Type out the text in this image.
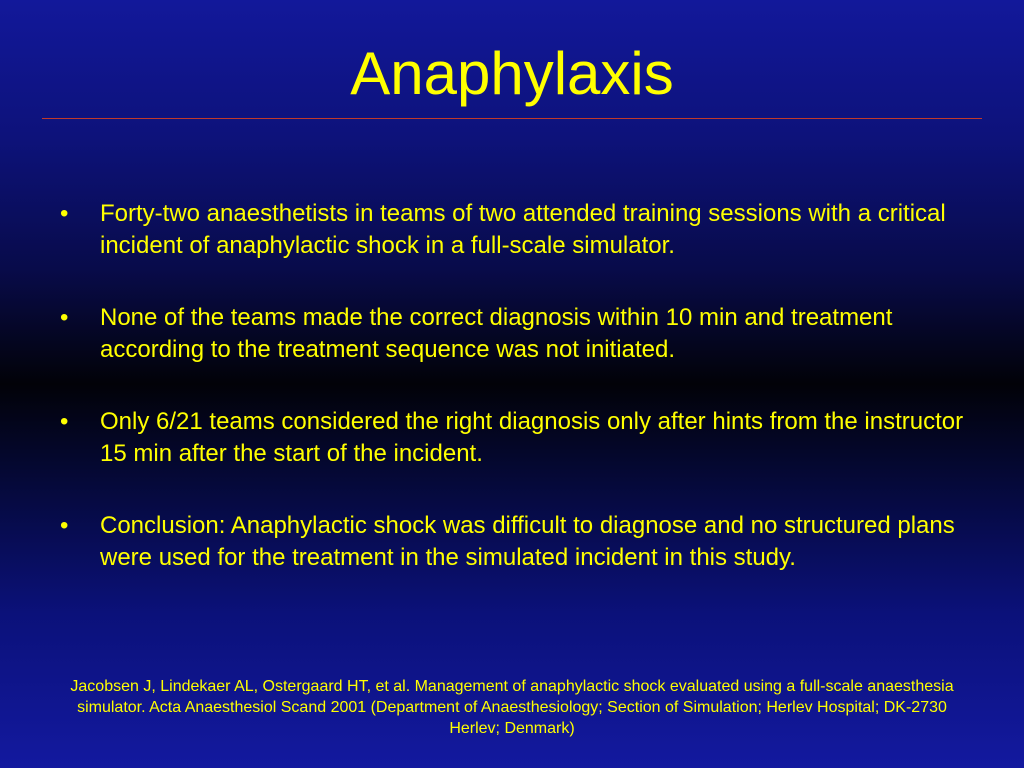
Anaphylaxis
• Forty-two anaesthetists in teams of two attended training sessions with a critical incident of anaphylactic shock in a full-scale simulator.
• None of the teams made the correct diagnosis within 10 min and treatment according to the treatment sequence was not initiated.
• Only 6/21 teams considered the right diagnosis only after hints from the instructor 15 min after the start of the incident.
• Conclusion: Anaphylactic shock was difficult to diagnose and no structured plans were used for the treatment in the simulated incident in this study.

Jacobsen J, Lindekaer AL, Ostergaard HT, et al. Management of anaphylactic shock evaluated using a full-scale anaesthesia simulator. Acta Anaesthesiol Scand 2001 (Department of Anaesthesiology; Section of Simulation; Herlev Hospital; DK-2730 Herlev; Denmark)
